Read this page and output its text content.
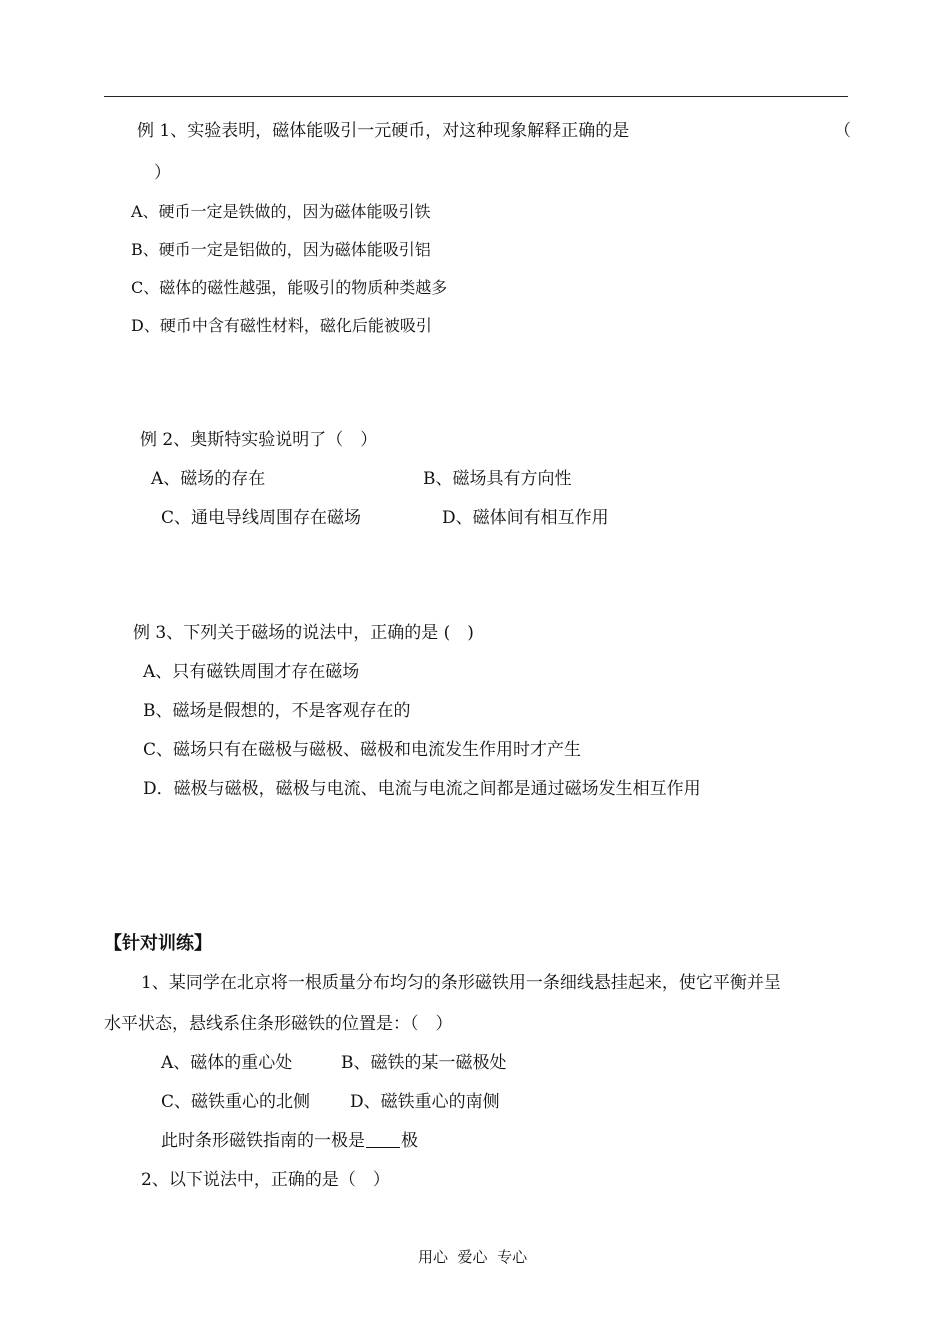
例 1、实验表明，磁体能吸引一元硬币，对这种现象解释正确的是	（
）
A、硬币一定是铁做的，因为磁体能吸引铁
B、硬币一定是铝做的，因为磁体能吸引铝
C、磁体的磁性越强，能吸引的物质种类越多
D、硬币中含有磁性材料，磁化后能被吸引
例 2、奥斯特实验说明了（　）
A、磁场的存在	B、磁场具有方向性
C、通电导线周围存在磁场	D、磁体间有相互作用
例 3、下列关于磁场的说法中，正确的是 (　)
A、只有磁铁周围才存在磁场
B、磁场是假想的，不是客观存在的
C、磁场只有在磁极与磁极、磁极和电流发生作用时才产生
D．磁极与磁极，磁极与电流、电流与电流之间都是通过磁场发生相互作用
【针对训练】
1、某同学在北京将一根质量分布均匀的条形磁铁用一条细线悬挂起来，使它平衡并呈
水平状态，悬线系住条形磁铁的位置是：（　）
A、磁体的重心处	B、磁铁的某一磁极处
C、磁铁重心的北侧 D、磁铁重心的南侧
此时条形磁铁指南的一极是 极
2、以下说法中，正确的是（　）
用心  爱心  专心
